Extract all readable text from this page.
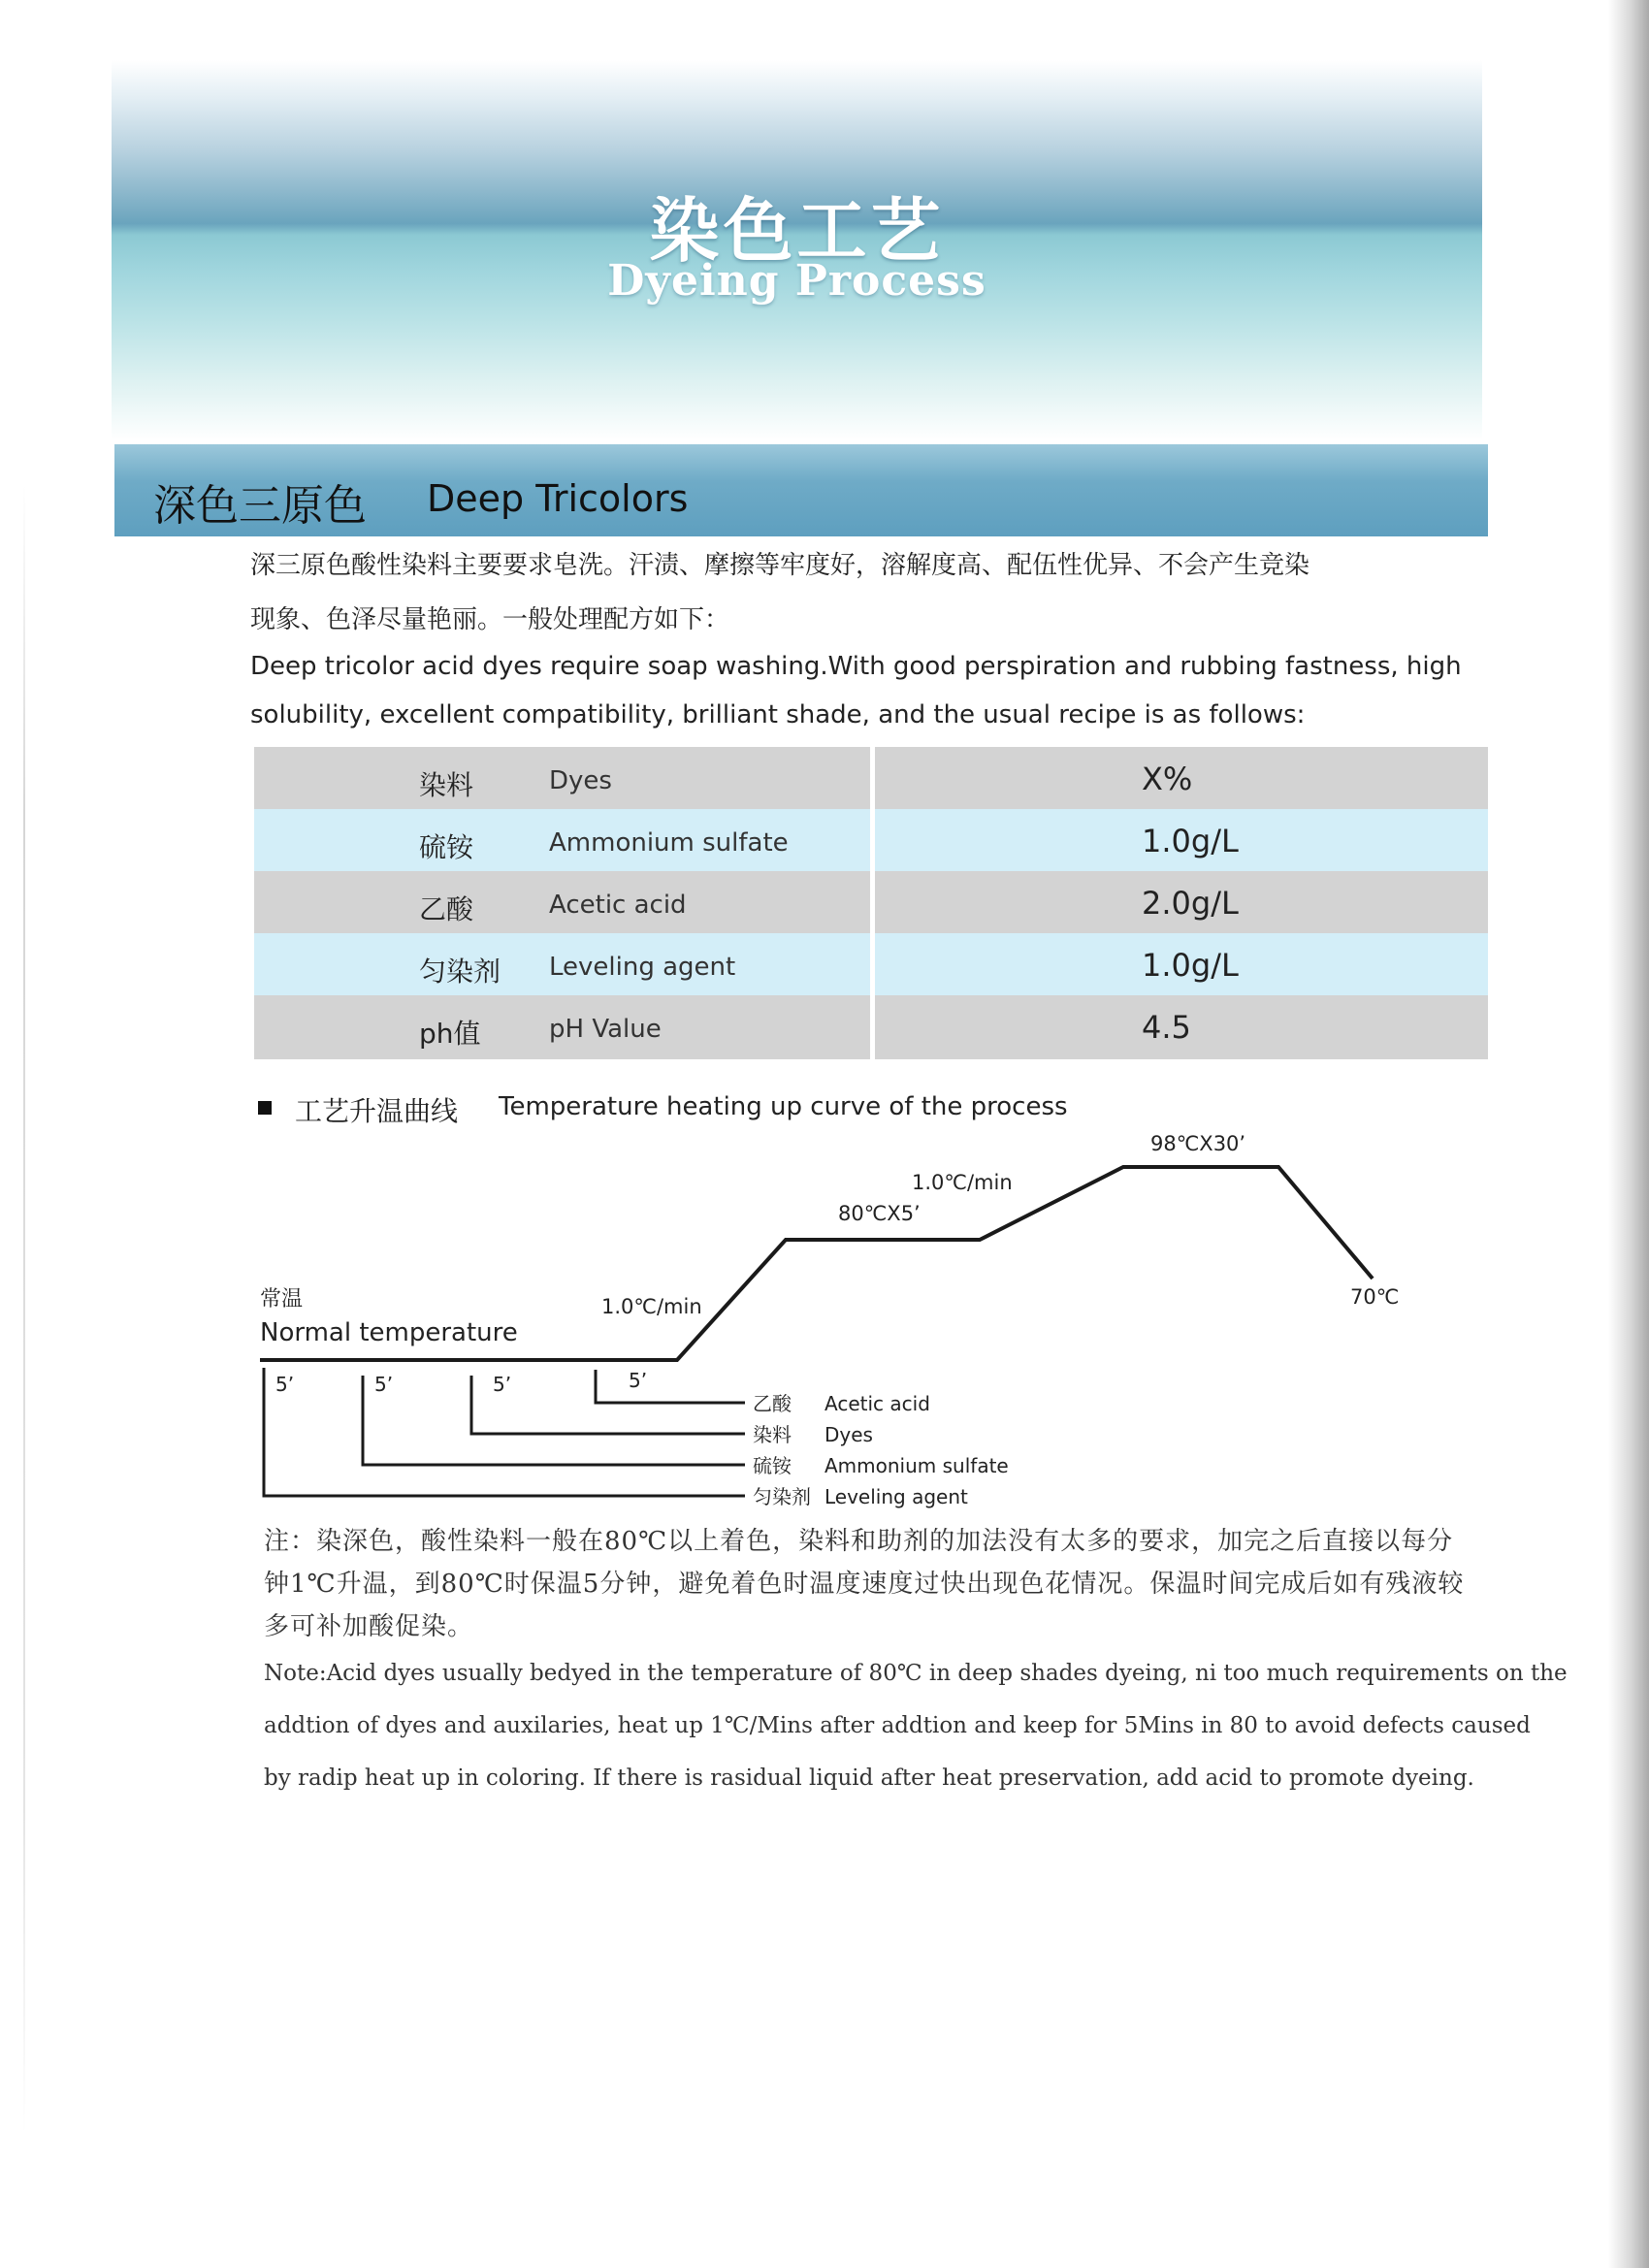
染色工艺
Dyeing Process
深色三原色 Deep Tricolors
深三原色酸性染料主要要求皂洗。汗渍、摩擦等牢度好，溶解度高、配伍性优异、不会产生竞染
现象、色泽尽量艳丽。一般处理配方如下：
Deep tricolor acid dyes require soap washing.With good perspiration and rubbing fastness, high
solubility, excellent compatibility, brilliant shade, and the usual recipe is as follows:
染料	Dyes	X%
硫铵	Ammonium sulfate	1.0g/L
乙酸	Acetic acid	2.0g/L
匀染剂 Leveling agent	1.0g/L
ph值	pH Value	4.5
工艺升温曲线 Temperature heating up curve of the process
常温
Normal temperature
1.0℃/min
80℃X5’
1.0℃/min
98℃X30’
70℃
5’	5’	5’	5’
乙酸 Acetic acid
染料 Dyes
硫铵 Ammonium sulfate
匀染剂 Leveling agent
注：染深色，酸性染料一般在80℃以上着色，染料和助剂的加法没有太多的要求，加完之后直接以每分
钟1℃升温，到80℃时保温5分钟，避免着色时温度速度过快出现色花情况。保温时间完成后如有残液较
多可补加酸促染。
Note:Acid dyes usually bedyed in the temperature of 80℃ in deep shades dyeing, ni too much requirements on the
addtion of dyes and auxilaries, heat up 1℃/Mins after addtion and keep for 5Mins in 80 to avoid defects caused
by radip heat up in coloring. If there is rasidual liquid after heat preservation, add acid to promote dyeing.
